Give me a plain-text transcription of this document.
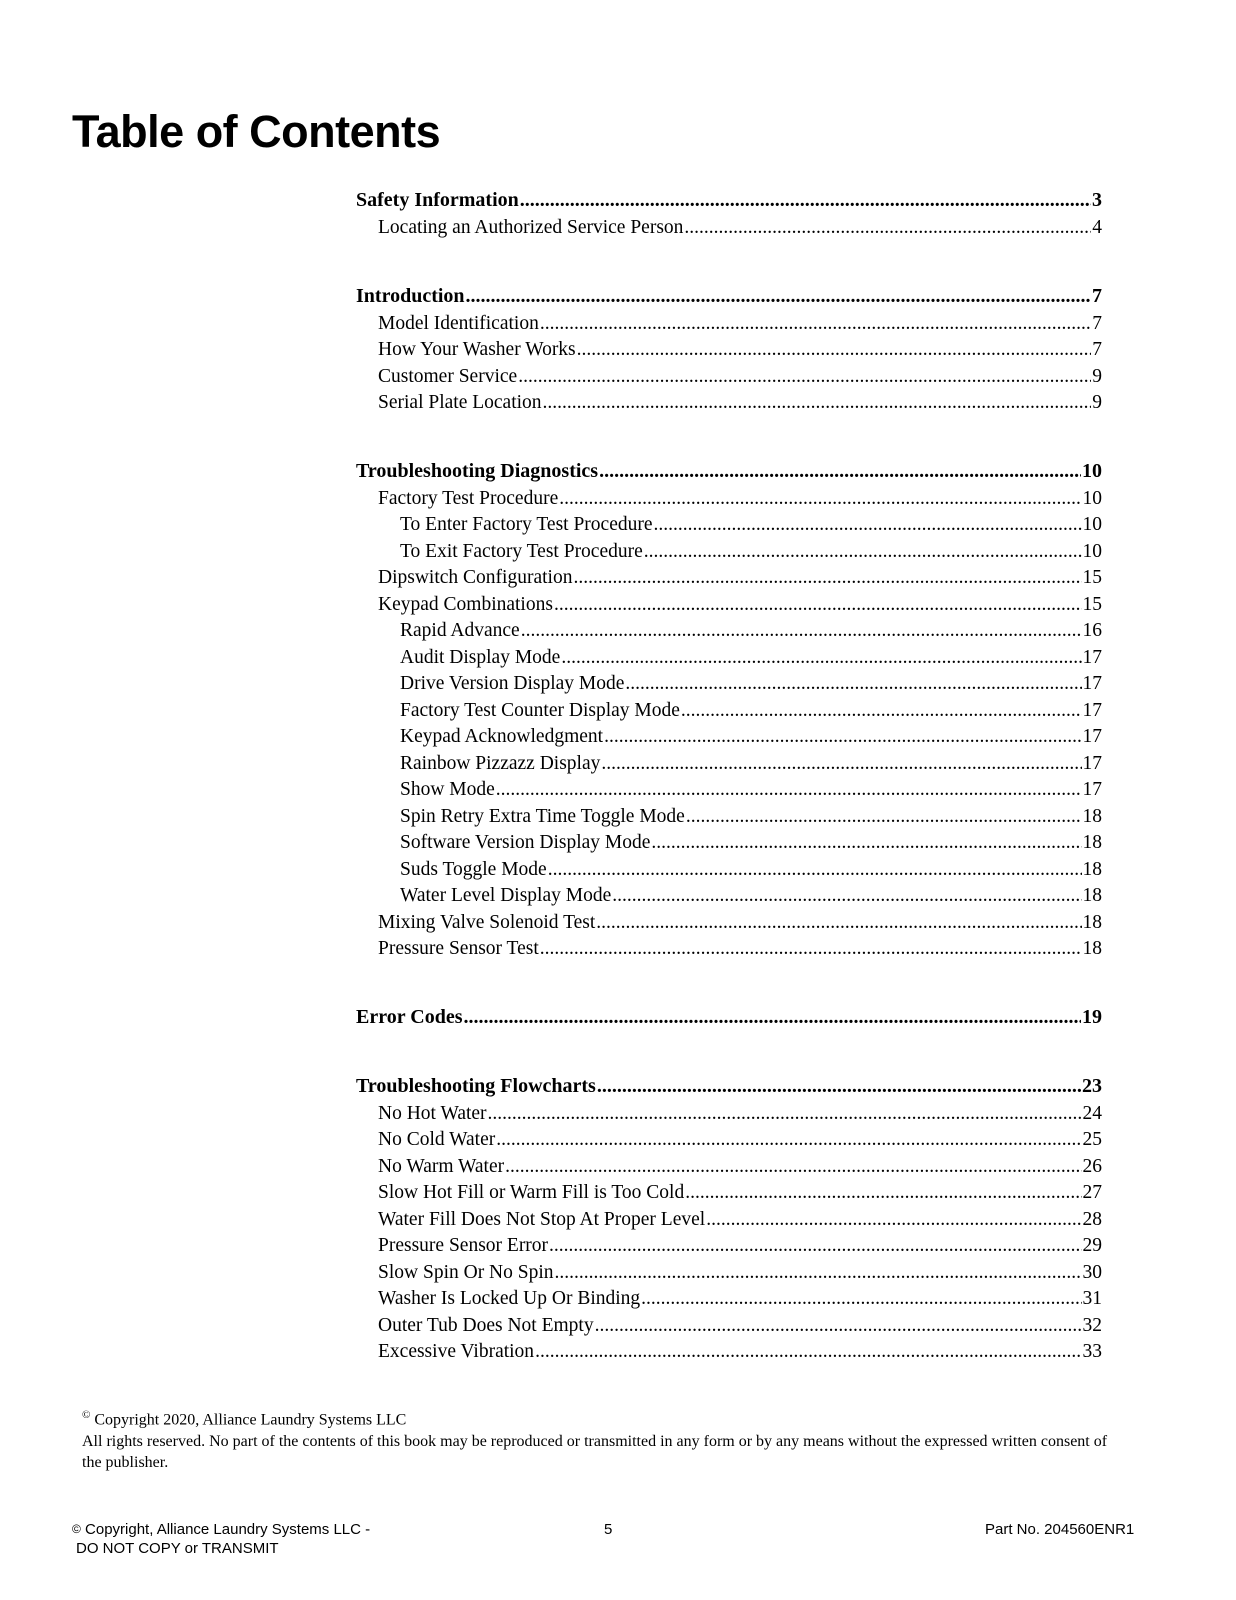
Table of Contents
Safety Information .....	3
Locating an Authorized Service Person .....	4
Introduction .....	7
Model Identification .....	7
How Your Washer Works .....	7
Customer Service .....	9
Serial Plate Location .....	9
Troubleshooting Diagnostics .....	10
Factory Test Procedure .....	10
To Enter Factory Test Procedure .....	10
To Exit Factory Test Procedure .....	10
Dipswitch Configuration .....	15
Keypad Combinations .....	15
Rapid Advance .....	16
Audit Display Mode .....	17
Drive Version Display Mode .....	17
Factory Test Counter Display Mode .....	17
Keypad Acknowledgment .....	17
Rainbow Pizzazz Display .....	17
Show Mode .....	17
Spin Retry Extra Time Toggle Mode .....	18
Software Version Display Mode .....	18
Suds Toggle Mode .....	18
Water Level Display Mode .....	18
Mixing Valve Solenoid Test .....	18
Pressure Sensor Test .....	18
Error Codes .....	19
Troubleshooting Flowcharts .....	23
No Hot Water .....	24
No Cold Water .....	25
No Warm Water .....	26
Slow Hot Fill or Warm Fill is Too Cold .....	27
Water Fill Does Not Stop At Proper Level .....	28
Pressure Sensor Error .....	29
Slow Spin Or No Spin .....	30
Washer Is Locked Up Or Binding .....	31
Outer Tub Does Not Empty .....	32
Excessive Vibration .....	33
© Copyright 2020, Alliance Laundry Systems LLC
All rights reserved. No part of the contents of this book may be reproduced or transmitted in any form or by any means without the expressed written consent of the publisher.
© Copyright, Alliance Laundry Systems LLC -
DO NOT COPY or TRANSMIT
5	Part No. 204560ENR1
